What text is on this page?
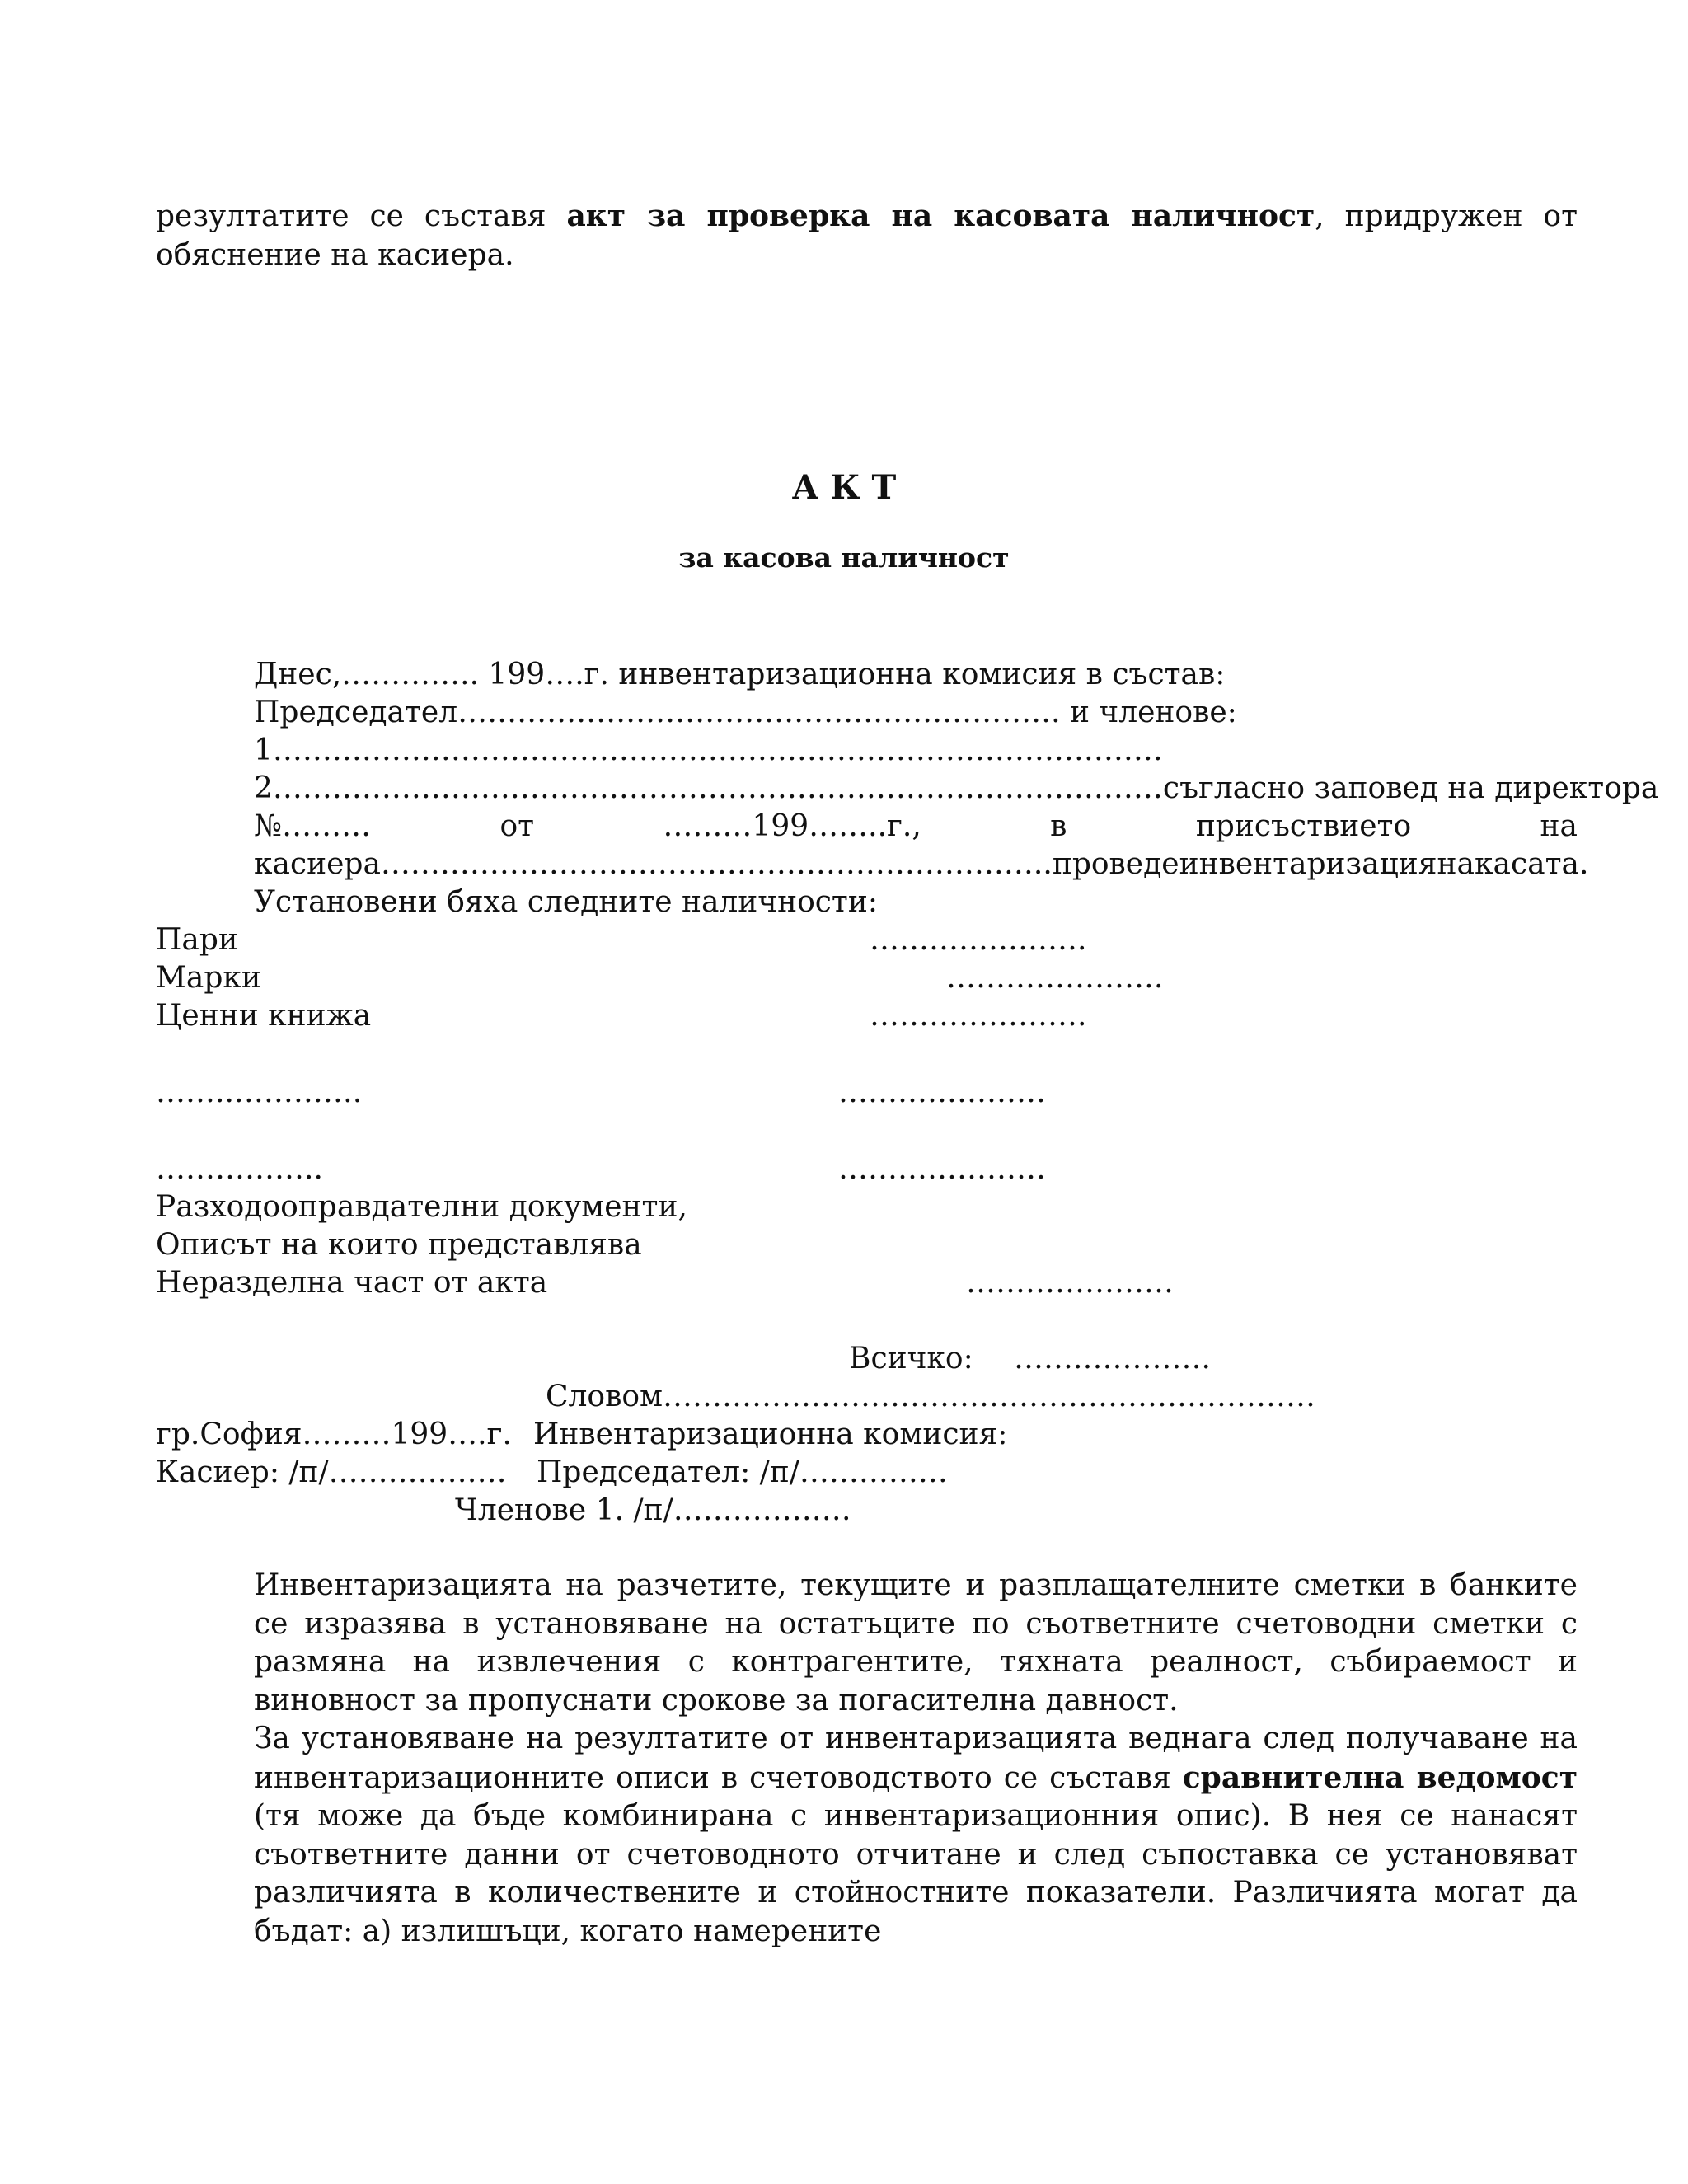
резултатите се съставя акт за проверка на касовата наличност, придружен от обяснение на касиера.

А К Т
за касова наличност
Днес,………….. 199….г. инвентаризационна комисия в състав:
Председател……………………………………………………. и членове:
1………………………………………………………………………………
2………………………………………………………………………………съгласно заповед на директора
№………	от	………199……..г.,	в	присъствието	на
касиера…………………………………………………………..проведе инвентаризация на касата.
Установени бяха следните наличности:
Пари	………………….
Марки	………………….
Ценни книжа	………………….
……..………….	…………………
……………..	…………………
Разходооправдателни документи,
Описът на които представлява
Неразделна част от акта	…………………
Всичко: …….………….
Словом…………………………………………………………
гр.София………199….г. Инвентаризационна комисия:
Касиер: /п/……………… Председател: /п/……………
Членове 1. /п/………………

Инвентаризацията на разчетите, текущите и разплащателните сметки в банките се изразява в установяване на остатъците по съответните счетоводни сметки с размяна на извлечения с контрагентите, тяхната реалност, събираемост и виновност за пропуснати срокове за погасителна давност.

За установяване на резултатите от инвентаризацията веднага след получаване на инвентаризационните описи в счетоводството се съставя сравнителна ведомост (тя може да бъде комбинирана с инвентаризационния опис). В нея се нанасят съответните данни от счетоводното отчитане и след съпоставка се установяват различията в количествените и стойностните показатели. Различията могат да бъдат: а) излишъци, когато намерените
